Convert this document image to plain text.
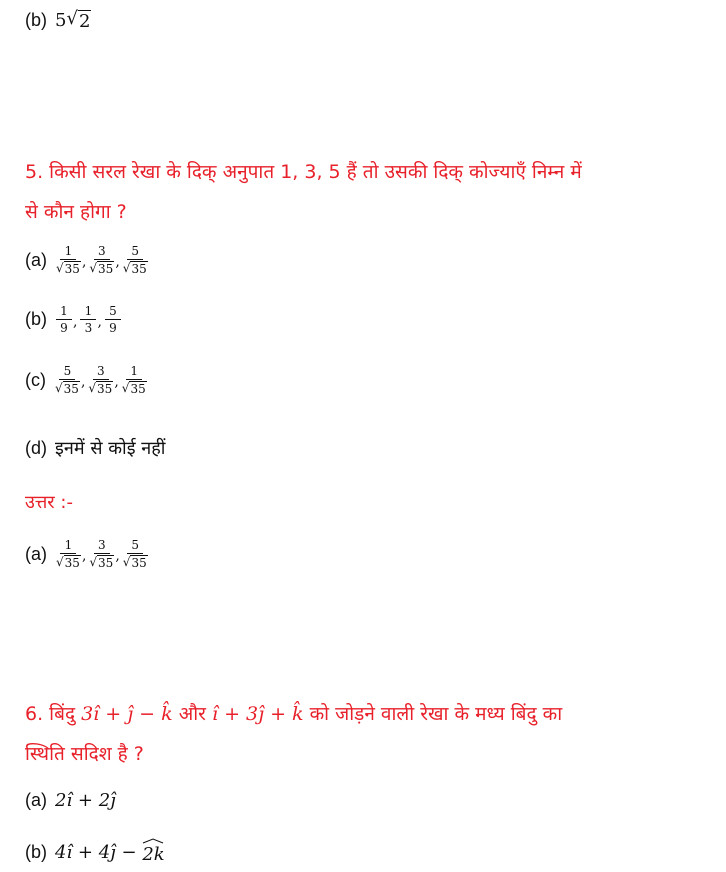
(b) 5 √ 2
5. किसी सरल रेखा के दिक् अनुपात 1, 3, 5 हैं तो उसकी दिक् कोज्याएँ निम्न में
से कौन होगा ?
$(a) \frac{1}{√ 35}$ , $\frac{3}{√ 35}$ , $\frac{5}{√ 35}$
$(b) \frac{1}{9}$ , $\frac{1}{3}$ , $\frac{5}{9}$
$(c) \frac{5}{√ 35}$ , $\frac{3}{√ 35}$ , $\frac{1}{√ 35}$
(d) इनमें से कोई नहीं
उत्तर :-
$(a) \frac{1}{√ 35}$ , $\frac{3}{√ 35}$ , $\frac{5}{√ 35}$
6. बिंदु 3î + ĵ − k̂ और î + 3ĵ + k̂ को जोड़ने वाली रेखा के मध्य बिंदु का
स्थिति सदिश है ?
(a) 2î + 2ĵ
(b) 4î + 4ĵ −
2k
